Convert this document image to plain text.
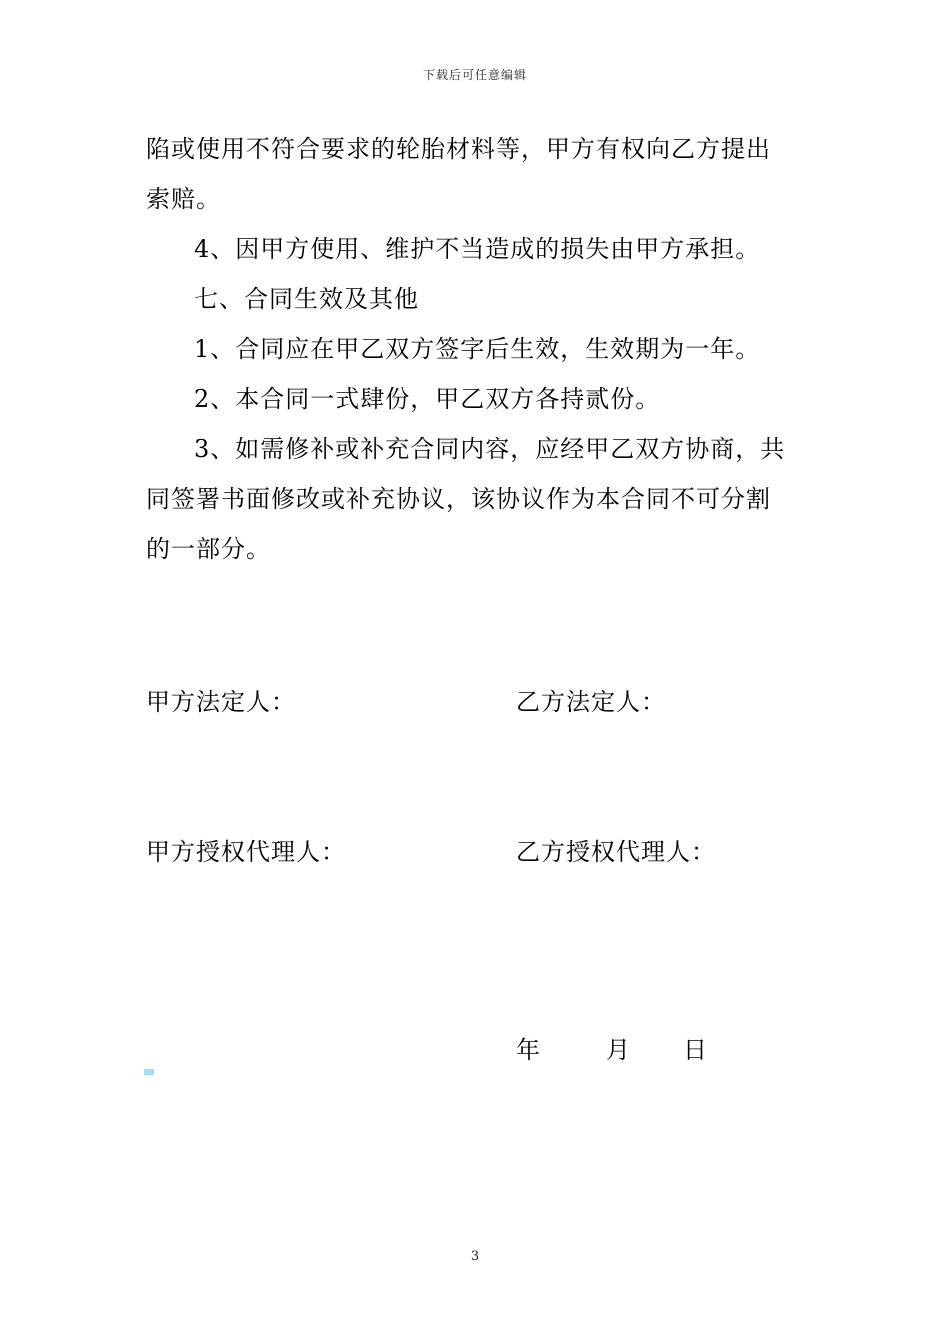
下载后可任意编辑

陷或使用不符合要求的轮胎材料等，甲方有权向乙方提出

索赔。

4、因甲方使用、维护不当造成的损失由甲方承担。

七、合同生效及其他

1、合同应在甲乙双方签字后生效，生效期为一年。

2、本合同一式肆份，甲乙双方各持贰份。

3、如需修补或补充合同内容，应经甲乙双方协商，共

同签署书面修改或补充协议，该协议作为本合同不可分割

的一部分。

甲方法定人：	乙方法定人：
甲方授权代理人：	乙方授权代理人：
年	月 日
3
